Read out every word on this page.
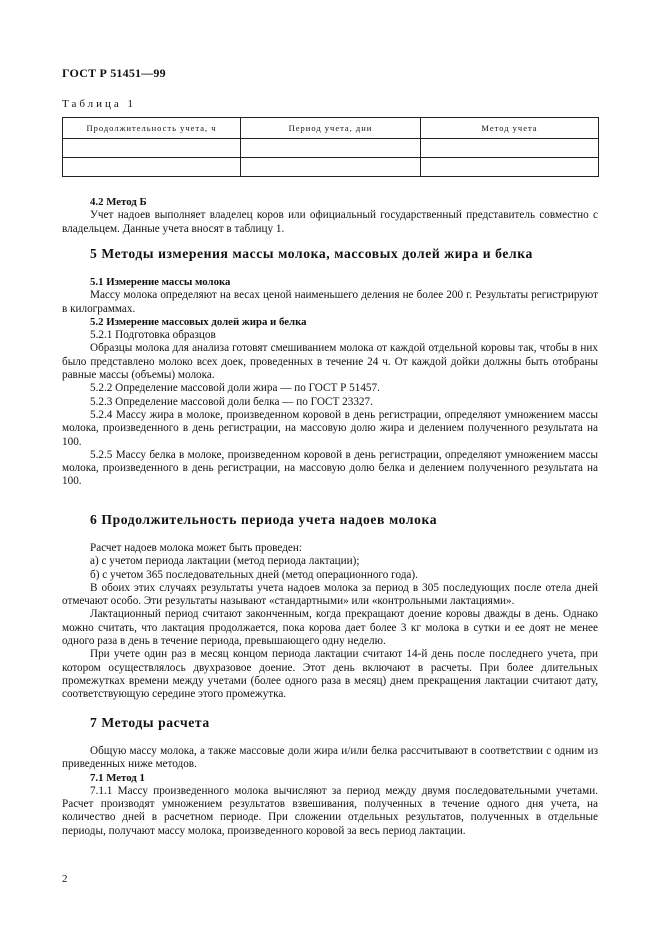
ГОСТ Р 51451—99
Таблица 1
Продолжительность учета, ч	Период учета, дни	Метод учета

4.2 Метод Б

Учет надоев выполняет владелец коров или официальный государственный представитель совместно с владельцем. Данные учета вносят в таблицу 1.

5 Методы измерения массы молока, массовых долей жира и белка

5.1 Измерение массы молока

Массу молока определяют на весах ценой наименьшего деления не более 200 г. Результаты регистрируют в килограммах.

5.2 Измерение массовых долей жира и белка

5.2.1 Подготовка образцов

Образцы молока для анализа готовят смешиванием молока от каждой отдельной коровы так, чтобы в них было представлено молоко всех доек, проведенных в течение 24 ч. От каждой дойки должны быть отобраны равные массы (объемы) молока.

5.2.2 Определение массовой доли жира — по ГОСТ Р 51457.

5.2.3 Определение массовой доли белка — по ГОСТ 23327.

5.2.4 Массу жира в молоке, произведенном коровой в день регистрации, определяют умножением массы молока, произведенного в день регистрации, на массовую долю жира и делением полученного результата на 100.

5.2.5 Массу белка в молоке, произведенном коровой в день регистрации, определяют умножением массы молока, произведенного в день регистрации, на массовую долю белка и делением полученного результата на 100.

6 Продолжительность периода учета надоев молока

Расчет надоев молока может быть проведен:

а) с учетом периода лактации (метод периода лактации);

б) с учетом 365 последовательных дней (метод операционного года).

В обоих этих случаях результаты учета надоев молока за период в 305 последующих после отела дней отмечают особо. Эти результаты называют «стандартными» или «контрольными лактациями».

Лактационный период считают законченным, когда прекращают доение коровы дважды в день. Однако можно считать, что лактация продолжается, пока корова дает более 3 кг молока в сутки и ее доят не менее одного раза в день в течение периода, превышающего одну неделю.

При учете один раз в месяц концом периода лактации считают 14-й день после последнего учета, при котором осуществлялось двухразовое доение. Этот день включают в расчеты. При более длительных промежутках времени между учетами (более одного раза в месяц) днем прекращения лактации считают дату, соответствующую середине этого промежутка.

7 Методы расчета

Общую массу молока, а также массовые доли жира и/или белка рассчитывают в соответствии с одним из приведенных ниже методов.

7.1 Метод 1

7.1.1 Массу произведенного молока вычисляют за период между двумя последовательными учетами. Расчет производят умножением результатов взвешивания, полученных в течение одного дня учета, на количество дней в расчетном периоде. При сложении отдельных результатов, полученных в отдельные периоды, получают массу молока, произведенного коровой за весь период лактации.

2
